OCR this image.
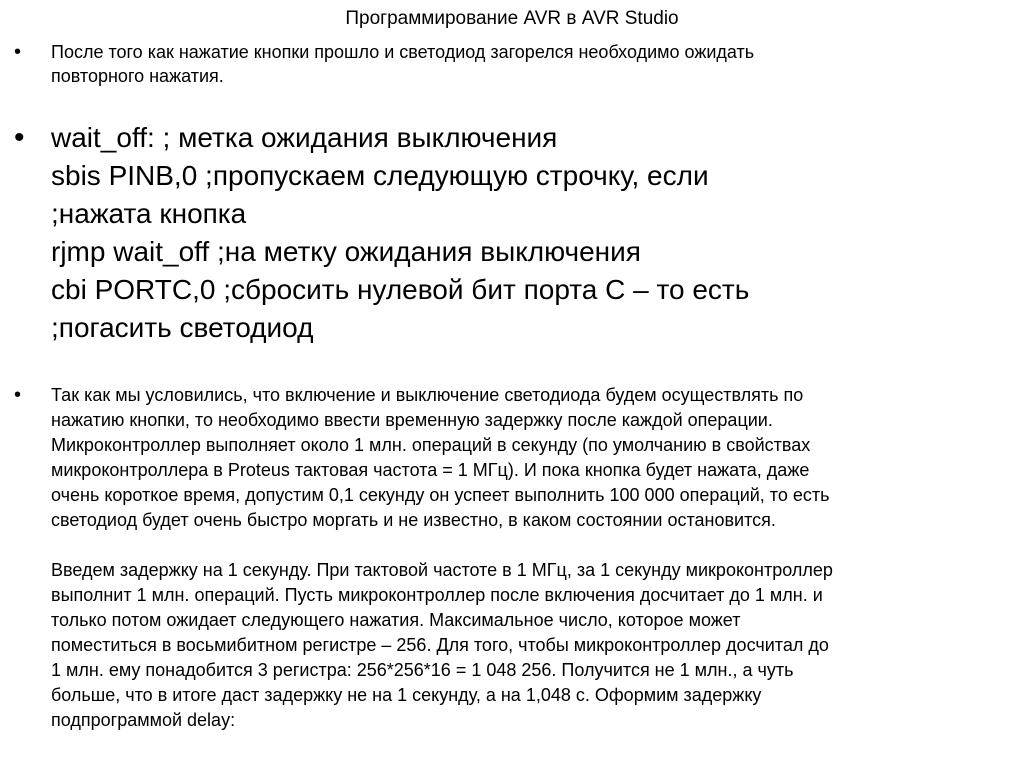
Программирование AVR в AVR Studio
•	После того как нажатие кнопки прошло и светодиод загорелся необходимо ожидать
повторного нажатия.
• wait_off: ; метка ожидания выключения
sbis PINB,0 ;пропускаем следующую строчку, если
;нажата кнопка
rjmp wait_off ;на метку ожидания выключения
cbi PORTC,0 ;сбросить нулевой бит порта С – то есть
;погасить светодиод
•	Так как мы условились, что включение и выключение светодиода будем осуществлять по
нажатию кнопки, то необходимо ввести временную задержку после каждой операции.
Микроконтроллер выполняет около 1 млн. операций в секунду (по умолчанию в свойствах
микроконтроллера в Proteus тактовая частота = 1 МГц). И пока кнопка будет нажата, даже
очень короткое время, допустим 0,1 секунду он успеет выполнить 100 000 операций, то есть
светодиод будет очень быстро моргать и не известно, в каком состоянии остановится.
Введем задержку на 1 секунду. При тактовой частоте в 1 МГц, за 1 секунду микроконтроллер
выполнит 1 млн. операций. Пусть микроконтроллер после включения досчитает до 1 млн. и
только потом ожидает следующего нажатия. Максимальное число, которое может
поместиться в восьмибитном регистре – 256. Для того, чтобы микроконтроллер досчитал до
1 млн. ему понадобится 3 регистра: 256*256*16 = 1 048 256. Получится не 1 млн., а чуть
больше, что в итоге даст задержку не на 1 секунду, а на 1,048 с. Оформим задержку
подпрограммой delay:
